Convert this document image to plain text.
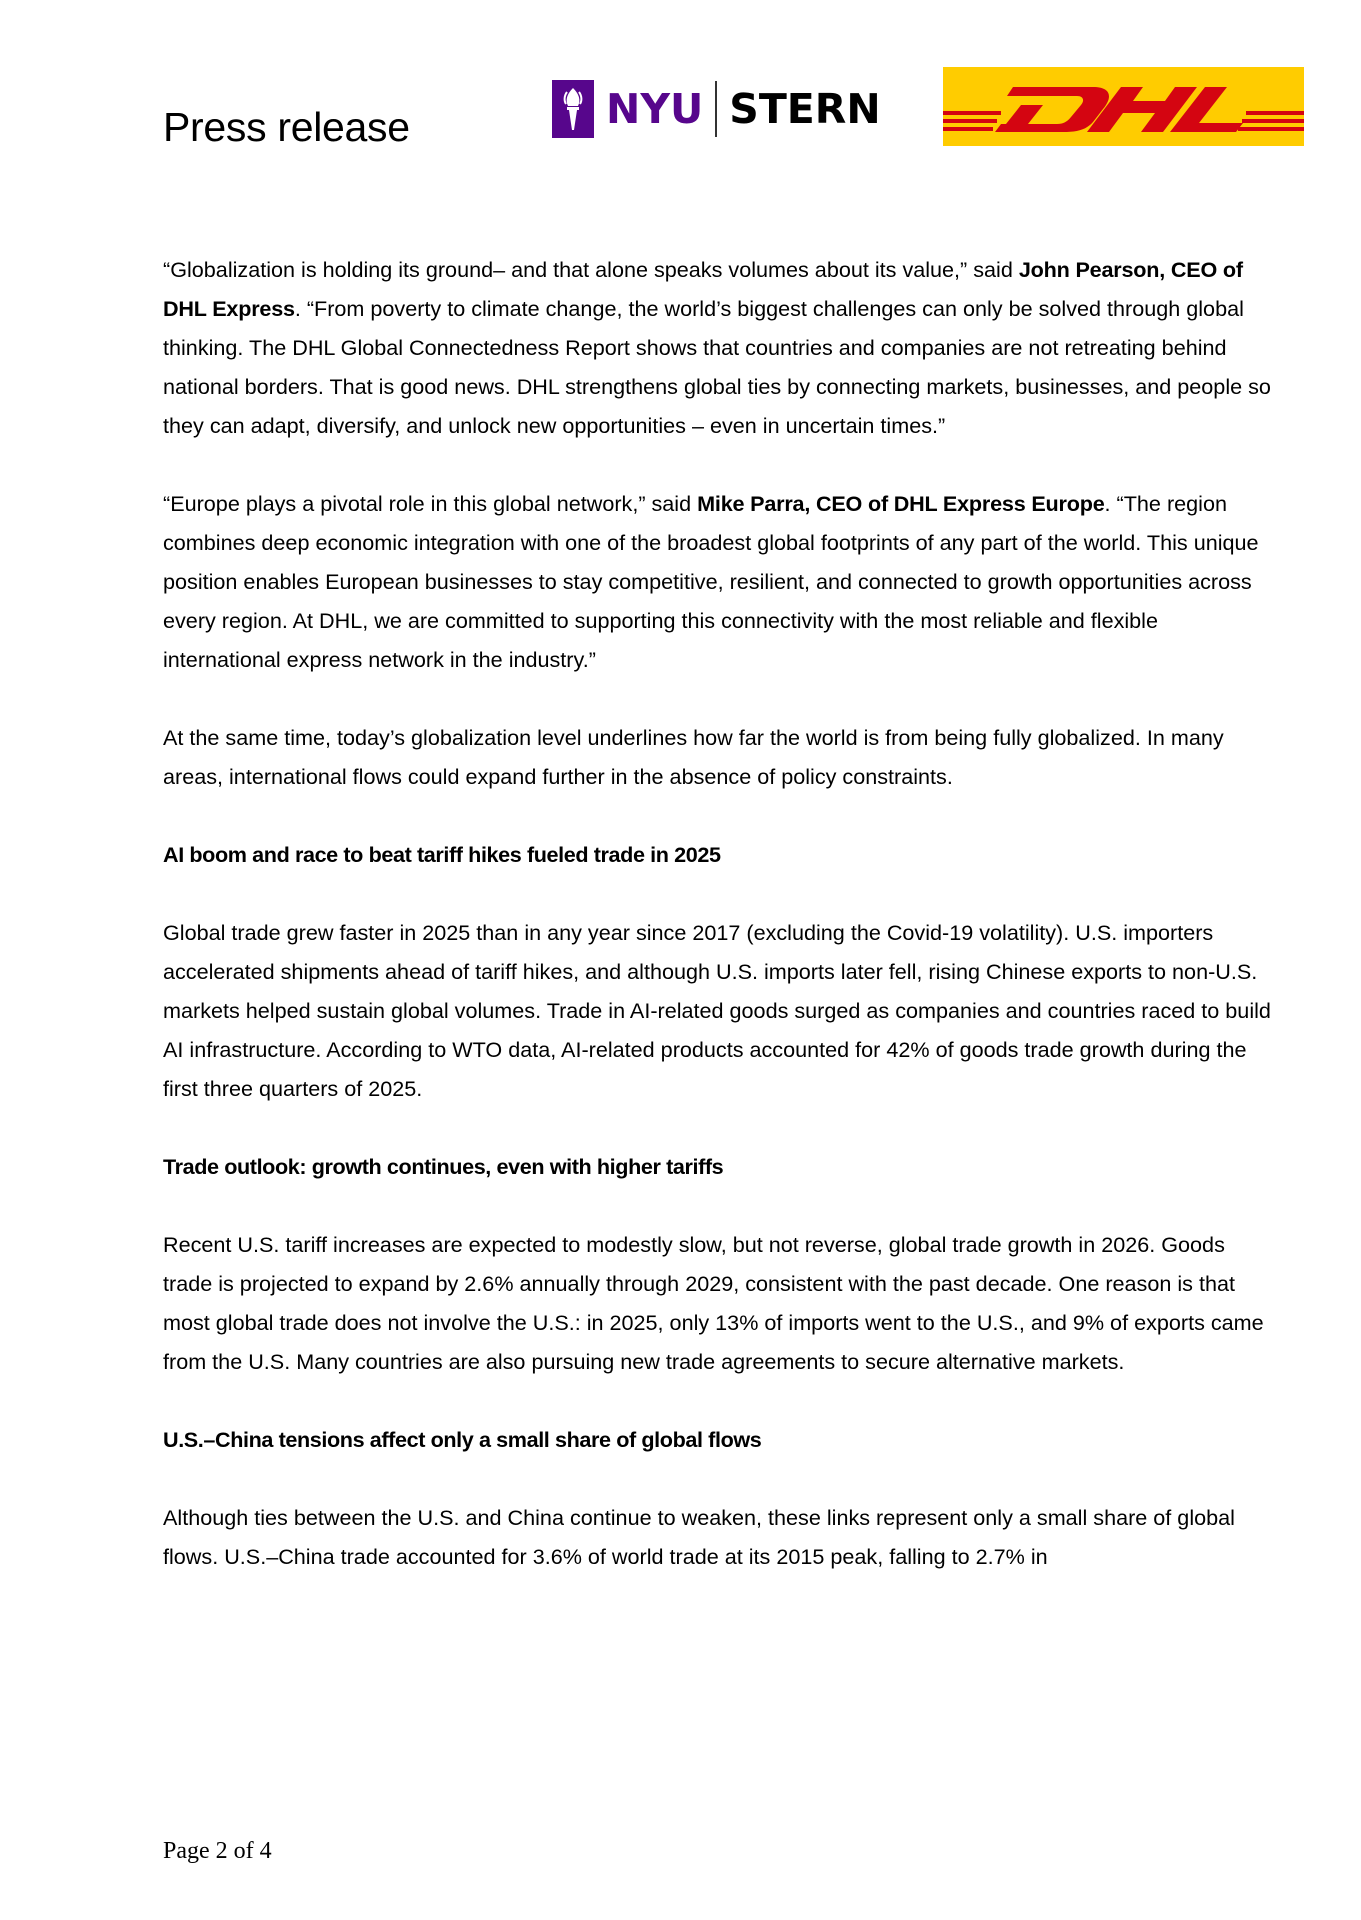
Press release	NYU STERN

“Globalization is holding its ground– and that alone speaks volumes about its value,” said John Pearson, CEO of DHL Express. “From poverty to climate change, the world’s biggest challenges can only be solved through global thinking. The DHL Global Connectedness Report shows that countries and companies are not retreating behind national borders. That is good news. DHL strengthens global ties by connecting markets, businesses, and people so they can adapt, diversify, and unlock new opportunities – even in uncertain times.”

“Europe plays a pivotal role in this global network,” said Mike Parra, CEO of DHL Express Europe. “The region combines deep economic integration with one of the broadest global footprints of any part of the world. This unique position enables European businesses to stay competitive, resilient, and connected to growth opportunities across every region. At DHL, we are committed to supporting this connectivity with the most reliable and flexible international express network in the industry.”

At the same time, today’s globalization level underlines how far the world is from being fully globalized. In many areas, international flows could expand further in the absence of policy constraints.

AI boom and race to beat tariff hikes fueled trade in 2025

Global trade grew faster in 2025 than in any year since 2017 (excluding the Covid‑19 volatility). U.S. importers accelerated shipments ahead of tariff hikes, and although U.S. imports later fell, rising Chinese exports to non‑U.S. markets helped sustain global volumes. Trade in AI‑related goods surged as companies and countries raced to build AI infrastructure. According to WTO data, AI‑related products accounted for 42% of goods trade growth during the first three quarters of 2025.

Trade outlook: growth continues, even with higher tariffs

Recent U.S. tariff increases are expected to modestly slow, but not reverse, global trade growth in 2026. Goods trade is projected to expand by 2.6% annually through 2029, consistent with the past decade. One reason is that most global trade does not involve the U.S.: in 2025, only 13% of imports went to the U.S., and 9% of exports came from the U.S. Many countries are also pursuing new trade agreements to secure alternative markets.

U.S.–China tensions affect only a small share of global flows

Although ties between the U.S. and China continue to weaken, these links represent only a small share of global flows. U.S.–China trade accounted for 3.6% of world trade at its 2015 peak, falling to 2.7% in

Page 2 of 4
